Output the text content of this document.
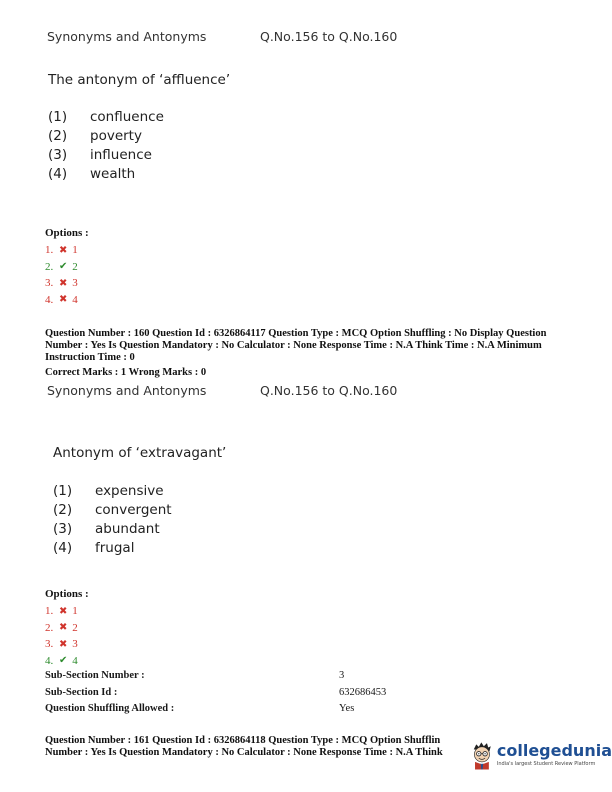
Synonyms and Antonyms	Q.No.156 to Q.No.160
The antonym of ‘affluence’
(1)	confluence
(2)	poverty
(3)	influence
(4)	wealth
Options :
1. ✖ 1
2. ✔ 2
3. ✖ 3
4. ✖ 4
Question Number : 160 Question Id : 6326864117 Question Type : MCQ Option Shuffling : No Display Question
Number : Yes Is Question Mandatory : No Calculator : None Response Time : N.A Think Time : N.A Minimum
Instruction Time : 0
Correct Marks : 1 Wrong Marks : 0
Synonyms and Antonyms	Q.No.156 to Q.No.160
Antonym of ‘extravagant’
(1)	expensive
(2)	convergent
(3)	abundant
(4)	frugal
Options :
1. ✖ 1
2. ✖ 2
3. ✖ 3
4. ✔ 4
Sub-Section Number :	3
Sub-Section Id :	632686453
Question Shuffling Allowed :	Yes
Question Number : 161 Question Id : 6326864118 Question Type : MCQ Option Shufflin
Number : Yes Is Question Mandatory : No Calculator : None Response Time : N.A Think	collegedunia
India's largest Student Review Platform
